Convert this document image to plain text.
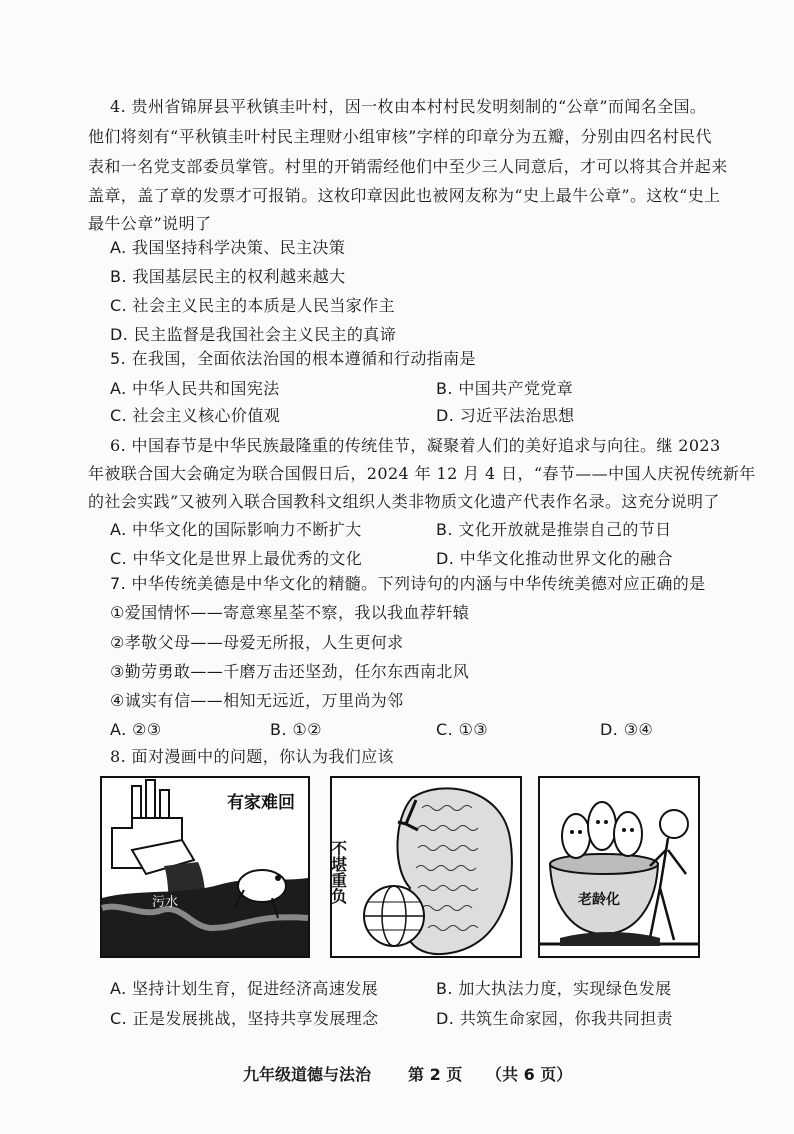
4. 贵州省锦屏县平秋镇圭叶村，因一枚由本村村民发明刻制的“公章”而闻名全国。
他们将刻有“平秋镇圭叶村民主理财小组审核”字样的印章分为五瓣，分别由四名村民代
表和一名党支部委员掌管。村里的开销需经他们中至少三人同意后，才可以将其合并起来
盖章，盖了章的发票才可报销。这枚印章因此也被网友称为“史上最牛公章”。这枚“史上
最牛公章”说明了
A. 我国坚持科学决策、民主决策
B. 我国基层民主的权利越来越大
C. 社会主义民主的本质是人民当家作主
D. 民主监督是我国社会主义民主的真谛
5. 在我国，全面依法治国的根本遵循和行动指南是
A. 中华人民共和国宪法	B. 中国共产党党章
C. 社会主义核心价值观	D. 习近平法治思想
6. 中国春节是中华民族最隆重的传统佳节，凝聚着人们的美好追求与向往。继 2023
年被联合国大会确定为联合国假日后，2024 年 12 月 4 日，“春节——中国人庆祝传统新年
的社会实践”又被列入联合国教科文组织人类非物质文化遗产代表作名录。这充分说明了
A. 中华文化的国际影响力不断扩大	B. 文化开放就是推崇自己的节日
C. 中华文化是世界上最优秀的文化	D. 中华文化推动世界文化的融合
7. 中华传统美德是中华文化的精髓。下列诗句的内涵与中华传统美德对应正确的是
①爱国情怀——寄意寒星荃不察，我以我血荐轩辕
②孝敬父母——母爱无所报，人生更何求
③勤劳勇敢——千磨万击还坚劲，任尔东西南北风
④诚实有信——相知无远近，万里尚为邻
A. ②③	B. ①②	C. ①③	D. ③④
8. 面对漫画中的问题，你认为我们应该
污水
有家难回
不堪重负	老龄化
A. 坚持计划生育，促进经济高速发展	B. 加大执法力度，实现绿色发展
C. 正是发展挑战，坚持共享发展理念	D. 共筑生命家园，你我共同担责
九年级道德与法治 第 2 页 （共 6 页）
